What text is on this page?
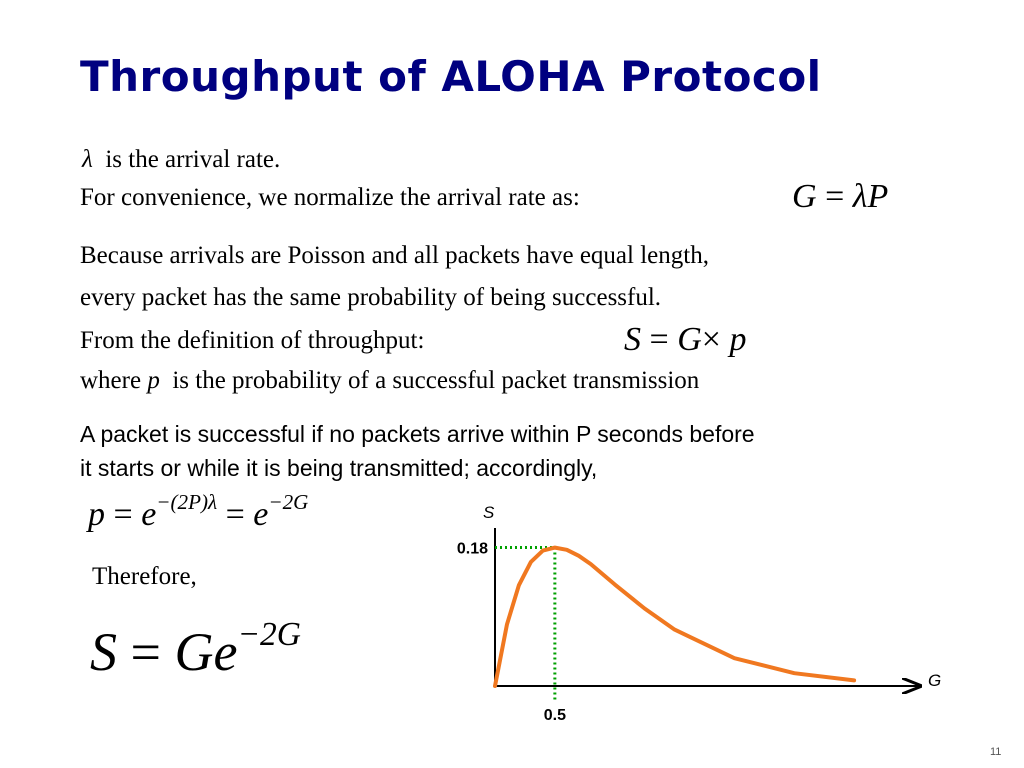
Throughput of ALOHA Protocol
λ is the arrival rate.
For convenience, we normalize the arrival rate as:	G = λP
Because arrivals are Poisson and all packets have equal length,
every packet has the same probability of being successful.
From the definition of throughput:	S = G× p
where p is the probability of a successful packet transmission
A packet is successful if no packets arrive within P seconds before
it starts or while it is being transmitted; accordingly,
$p = e^{-(2P)\lambda} = e^{-2G}$
Therefore,
$S = Ge^{-2G}$
S
G
0.18
0.5
11
